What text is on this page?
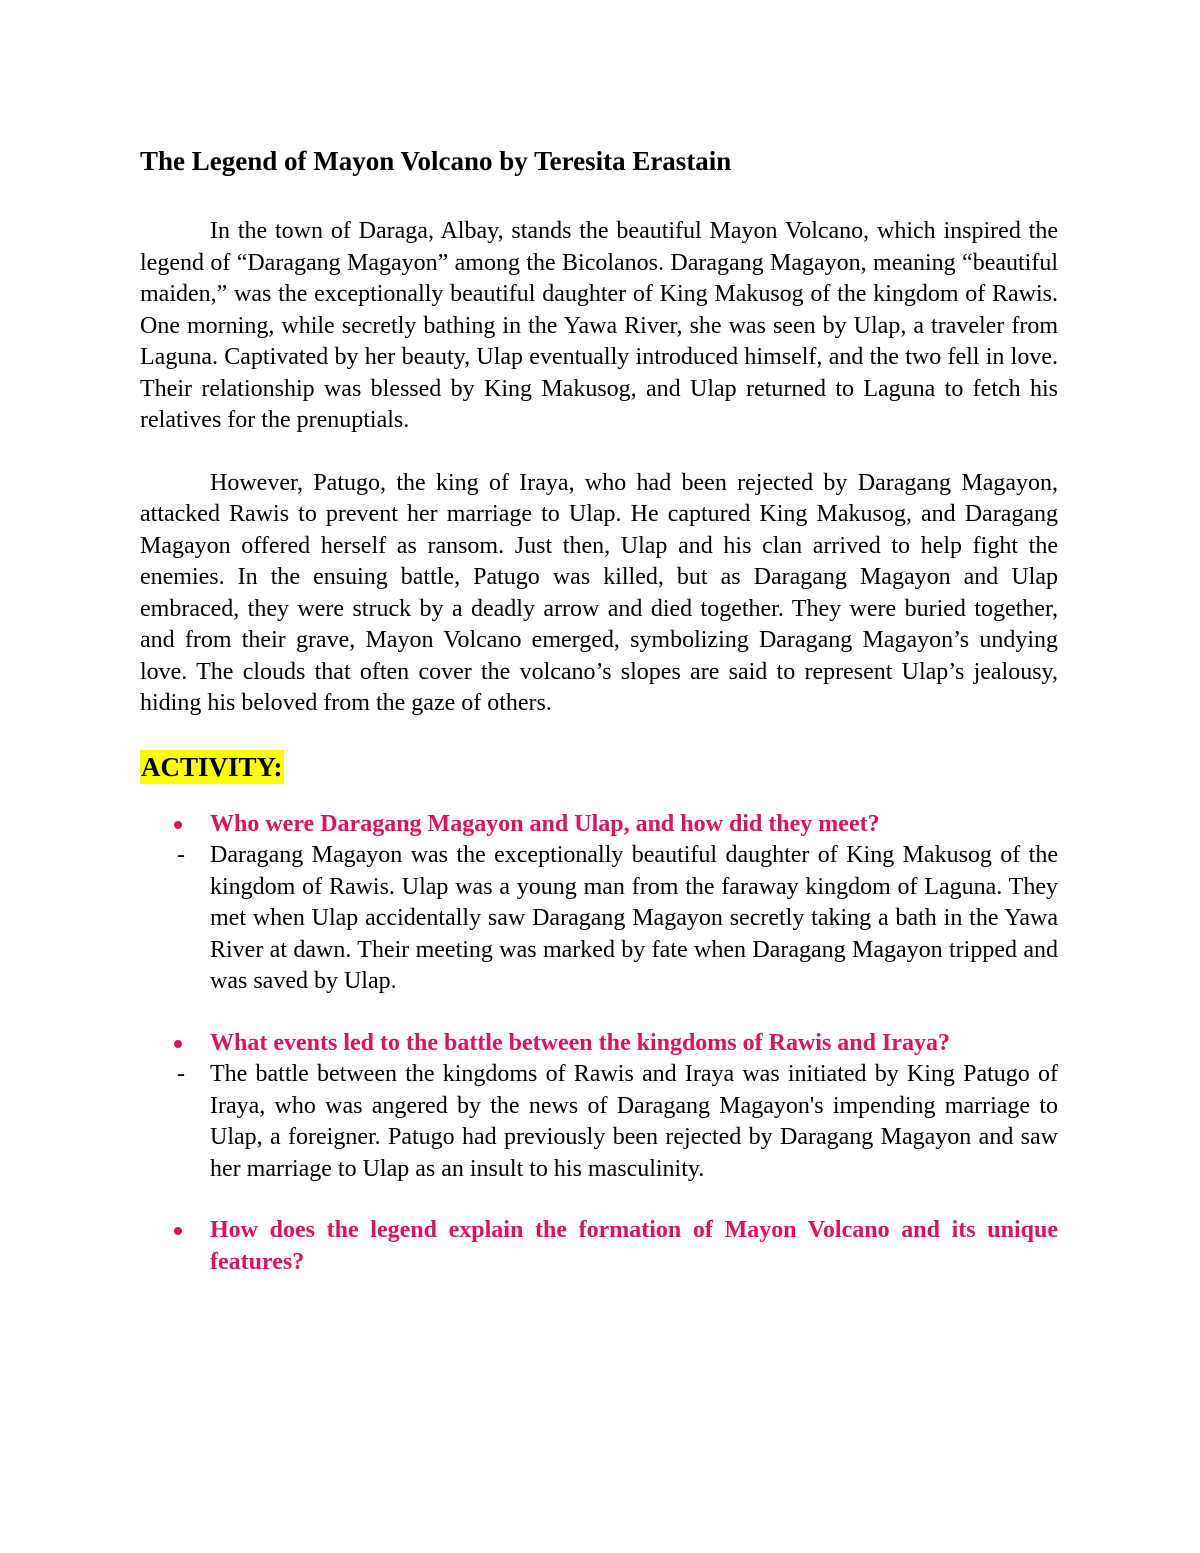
The Legend of Mayon Volcano by Teresita Erastain

In the town of Daraga, Albay, stands the beautiful Mayon Volcano, which inspired the legend of “Daragang Magayon” among the Bicolanos. Daragang Magayon, meaning “beautiful maiden,” was the exceptionally beautiful daughter of King Makusog of the kingdom of Rawis. One morning, while secretly bathing in the Yawa River, she was seen by Ulap, a traveler from Laguna. Captivated by her beauty, Ulap eventually introduced himself, and the two fell in love. Their relationship was blessed by King Makusog, and Ulap returned to Laguna to fetch his relatives for the prenuptials.

However, Patugo, the king of Iraya, who had been rejected by Daragang Magayon, attacked Rawis to prevent her marriage to Ulap. He captured King Makusog, and Daragang Magayon offered herself as ransom. Just then, Ulap and his clan arrived to help fight the enemies. In the ensuing battle, Patugo was killed, but as Daragang Magayon and Ulap embraced, they were struck by a deadly arrow and died together. They were buried together, and from their grave, Mayon Volcano emerged, symbolizing Daragang Magayon’s undying love. The clouds that often cover the volcano’s slopes are said to represent Ulap’s jealousy, hiding his beloved from the gaze of others.

ACTIVITY:
Who were Daragang Magayon and Ulap, and how did they meet?
- Daragang Magayon was the exceptionally beautiful daughter of King Makusog of the kingdom of Rawis. Ulap was a young man from the faraway kingdom of Laguna. They met when Ulap accidentally saw Daragang Magayon secretly taking a bath in the Yawa River at dawn. Their meeting was marked by fate when Daragang Magayon tripped and was saved by Ulap.
What events led to the battle between the kingdoms of Rawis and Iraya?
- The battle between the kingdoms of Rawis and Iraya was initiated by King Patugo of Iraya, who was angered by the news of Daragang Magayon's impending marriage to Ulap, a foreigner. Patugo had previously been rejected by Daragang Magayon and saw her marriage to Ulap as an insult to his masculinity.
How does the legend explain the formation of Mayon Volcano and its unique features?
